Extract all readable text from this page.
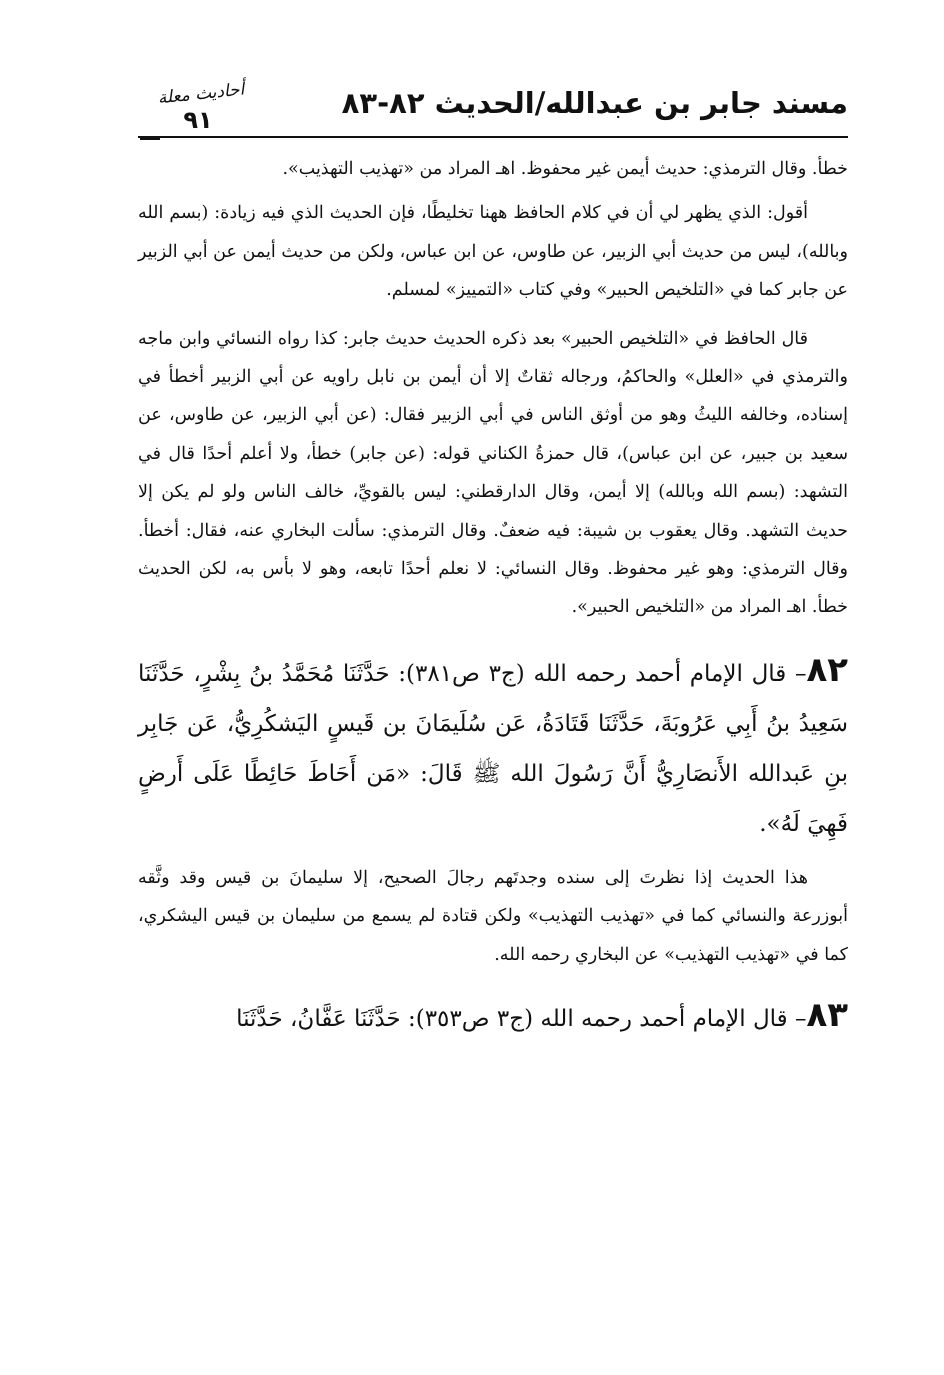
مسند جابر بن عبدالله/الحديث ٨٢-٨٣
أحاديث معلة
٩١

خطأ. وقال الترمذي: حديث أيمن غير محفوظ. اهـ المراد من «تهذيب التهذيب».

أقول: الذي يظهر لي أن في كلام الحافظ ههنا تخليطًا، فإن الحديث الذي فيه زيادة: (بسم الله وبالله)، ليس من حديث أبي الزبير، عن طاوس، عن ابن عباس، ولكن من حديث أيمن عن أبي الزبير عن جابر كما في «التلخيص الحبير» وفي كتاب «التمييز» لمسلم.

قال الحافظ في «التلخيص الحبير» بعد ذكره الحديث حديث جابر: كذا رواه النسائي وابن ماجه والترمذي في «العلل» والحاكمُ، ورجاله ثقاتٌ إلا أن أيمن بن نابل راويه عن أبي الزبير أخطأ في إسناده، وخالفه الليثُ وهو من أوثق الناس في أبي الزبير فقال: (عن أبي الزبير، عن طاوس، عن سعيد بن جبير، عن ابن عباس)، قال حمزةُ الكناني قوله: (عن جابر) خطأ، ولا أعلم أحدًا قال في التشهد: (بسم الله وبالله) إلا أيمن، وقال الدارقطني: ليس بالقويِّ، خالف الناس ولو لم يكن إلا حديث التشهد. وقال يعقوب بن شيبة: فيه ضعفٌ. وقال الترمذي: سألت البخاري عنه، فقال: أخطأ. وقال الترمذي: وهو غير محفوظ. وقال النسائي: لا نعلم أحدًا تابعه، وهو لا بأس به، لكن الحديث خطأ. اهـ المراد من «التلخيص الحبير».

٨٢– قال الإمام أحمد رحمه الله (ج٣ ص٣٨١): حَدَّثَنَا مُحَمَّدُ بنُ بِشْرٍ، حَدَّثَنَا سَعِيدُ بنُ أَبِي عَرُوبَةَ، حَدَّثَنَا قَتَادَةُ، عَن سُلَيمَانَ بن قَيسٍ اليَشكُرِيُّ، عَن جَابِر بنِ عَبدالله الأَنصَارِيُّ أَنَّ رَسُولَ الله ﷺ قَالَ: «مَن أَحَاطَ حَائِطًا عَلَى أَرضٍ فَهِيَ لَهُ».

هذا الحديث إذا نظرتَ إلى سنده وجدتَهم رجالَ الصحيح، إلا سليمانَ بن قيس وقد وثَّقه أبوزرعة والنسائي كما في «تهذيب التهذيب» ولكن قتادة لم يسمع من سليمان بن قيس اليشكري، كما في «تهذيب التهذيب» عن البخاري رحمه الله.

٨٣– قال الإمام أحمد رحمه الله (ج٣ ص٣٥٣): حَدَّثَنَا عَفَّانُ، حَدَّثَنَا
